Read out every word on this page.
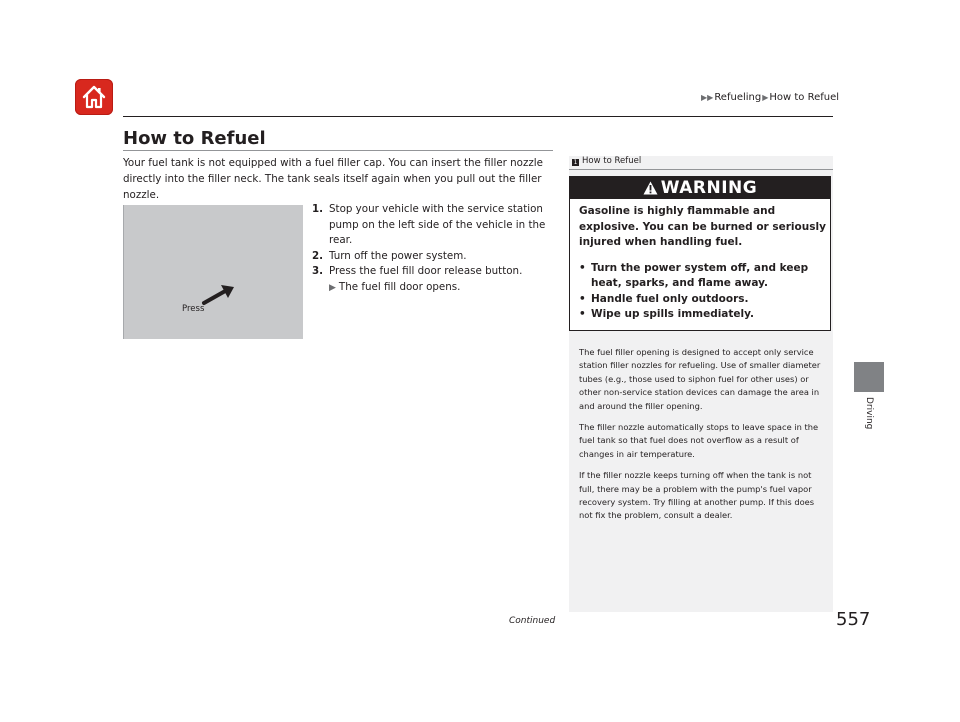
▶▶ Refueling ▶ How to Refuel
How to Refuel

Your fuel tank is not equipped with a fuel filler cap. You can insert the filler nozzle directly into the filler neck. The tank seals itself again when you pull out the filler nozzle.

Press
1. Stop your vehicle with the service station pump on the left side of the vehicle in the rear.
2. Turn off the power system.
3. Press the fuel fill door release button.
▶ The fuel fill door opens.
1 How to Refuel
WARNING
Gasoline is highly flammable and explosive. You can be burned or seriously injured when handling fuel.
• Turn the power system off, and keep heat, sparks, and flame away.
• Handle fuel only outdoors.
• Wipe up spills immediately.

The fuel filler opening is designed to accept only service station filler nozzles for refueling. Use of smaller diameter tubes (e.g., those used to siphon fuel for other uses) or other non-service station devices can damage the area in and around the filler opening.

The filler nozzle automatically stops to leave space in the fuel tank so that fuel does not overflow as a result of changes in air temperature.

If the filler nozzle keeps turning off when the tank is not full, there may be a problem with the pump's fuel vapor recovery system. Try filling at another pump. If this does not fix the problem, consult a dealer.

Driving
Continued	557
